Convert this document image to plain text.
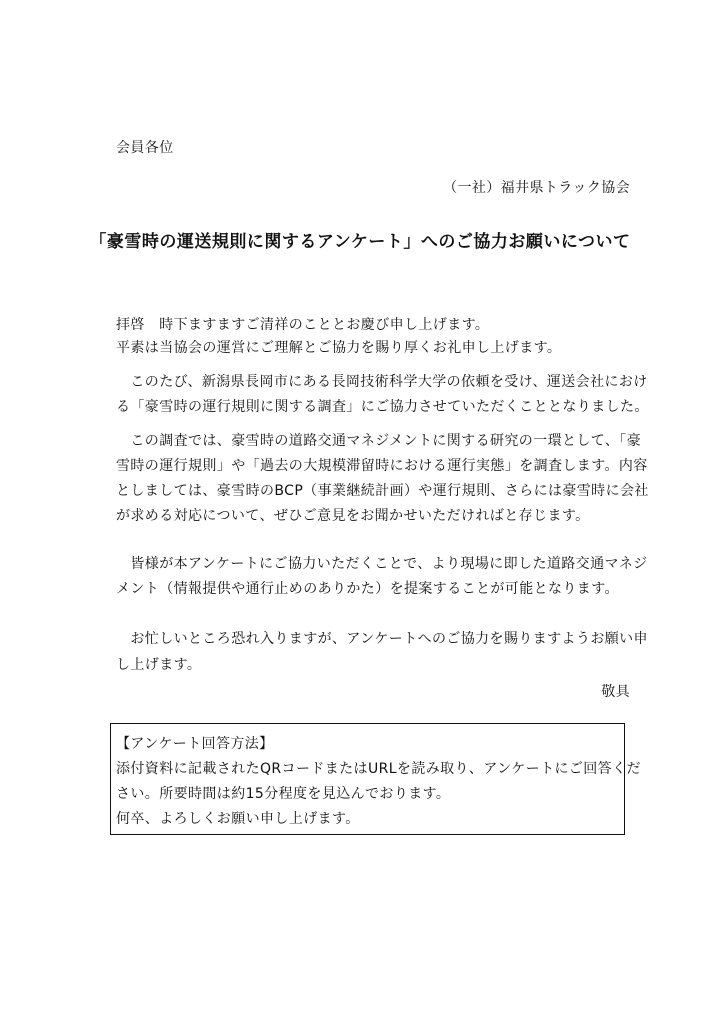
会員各位
（一社）福井県トラック協会
「豪雪時の運送規則に関するアンケート」へのご協力お願いについて
拝啓　時下ますますご清祥のこととお慶び申し上げます。
平素は当協会の運営にご理解とご協力を賜り厚くお礼申し上げます。
　このたび、新潟県長岡市にある長岡技術科学大学の依頼を受け、運送会社におけ
る「豪雪時の運行規則に関する調査」にご協力させていただくこととなりました。
　この調査では、豪雪時の道路交通マネジメントに関する研究の一環として、「豪
雪時の運行規則」や「過去の大規模滞留時における運行実態」を調査します。内容
としましては、豪雪時のBCP（事業継続計画）や運行規則、さらには豪雪時に会社
が求める対応について、ぜひご意見をお聞かせいただければと存じます。
　皆様が本アンケートにご協力いただくことで、より現場に即した道路交通マネジ
メント（情報提供や通行止めのありかた）を提案することが可能となります。
　お忙しいところ恐れ入りますが、アンケートへのご協力を賜りますようお願い申
し上げます。
敬具
【アンケート回答方法】
添付資料に記載されたQRコードまたはURLを読み取り、アンケートにご回答くだ
さい。所要時間は約15分程度を見込んでおります。
何卒、よろしくお願い申し上げます。
